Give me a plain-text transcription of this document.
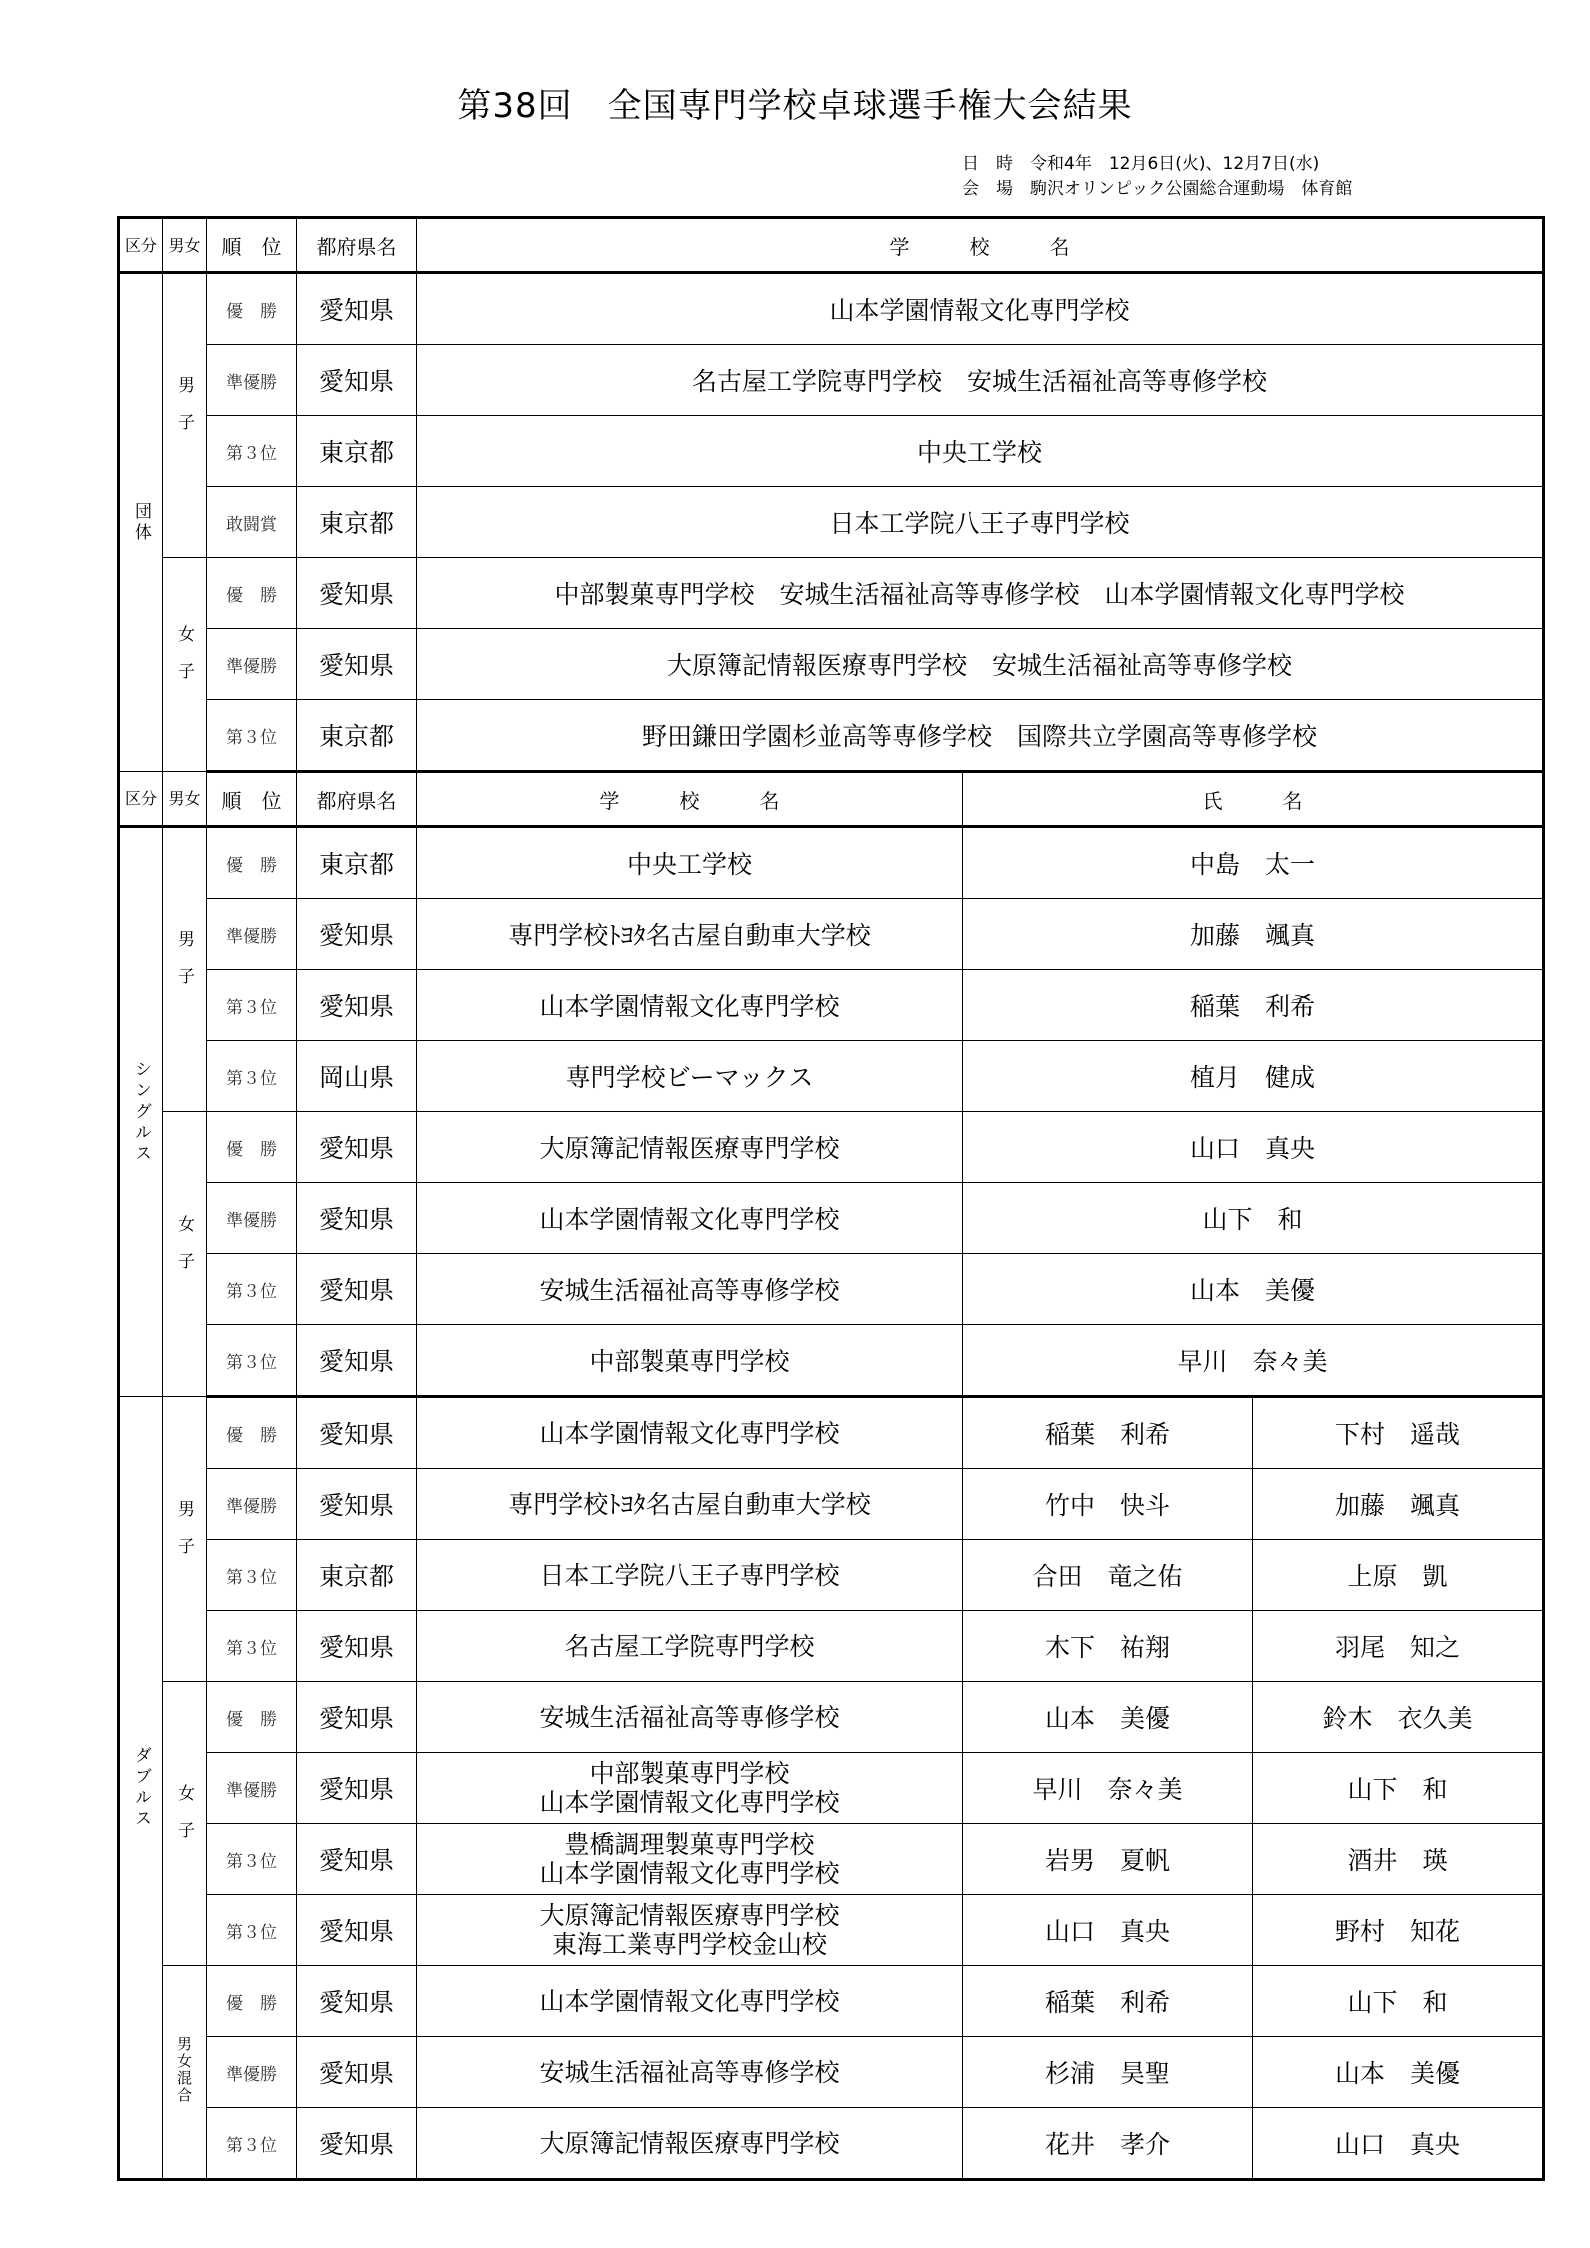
第38回　全国専門学校卓球選手権大会結果
日　時 令和4年　12月6日(火)、12月7日(水)
会　場 駒沢オリンピック公園総合運動場　体育館
区分	男女	順　位	都府県名	学　　　校　　　名		
団体	男子	優　勝	愛知県	山本学園情報文化専門学校		
		準優勝	愛知県	名古屋工学院専門学校　安城生活福祉高等専修学校		
		第３位	東京都	中央工学校		
		敢闘賞	東京都	日本工学院八王子専門学校		
	女子	優　勝	愛知県	中部製菓専門学校　安城生活福祉高等専修学校　山本学園情報文化専門学校		
		準優勝	愛知県	大原簿記情報医療専門学校　安城生活福祉高等専修学校		
		第３位	東京都	野田鎌田学園杉並高等専修学校　国際共立学園高等専修学校		
区分	男女	順　位	都府県名	学　　　校　　　名	氏　　　名	
シングルス	男子	優　勝	東京都	中央工学校	中島　太一	
		準優勝	愛知県	専門学校ﾄﾖﾀ名古屋自動車大学校	加藤　颯真	
		第３位	愛知県	山本学園情報文化専門学校	稲葉　利希	
		第３位	岡山県	専門学校ビーマックス	植月　健成	
	女子	優　勝	愛知県	大原簿記情報医療専門学校	山口　真央	
		準優勝	愛知県	山本学園情報文化専門学校	山下　和	
		第３位	愛知県	安城生活福祉高等専修学校	山本　美優	
		第３位	愛知県	中部製菓専門学校	早川　奈々美	
ダブルス	男子	優　勝	愛知県	山本学園情報文化専門学校	稲葉　利希	下村　遥哉
		準優勝	愛知県	専門学校ﾄﾖﾀ名古屋自動車大学校	竹中　快斗	加藤　颯真
		第３位	東京都	日本工学院八王子専門学校	合田　竜之佑	上原　凱
		第３位	愛知県	名古屋工学院専門学校	木下　祐翔	羽尾　知之
	女子	優　勝	愛知県	安城生活福祉高等専修学校	山本　美優	鈴木　衣久美
		準優勝	愛知県	中部製菓専門学校
山本学園情報文化専門学校	早川　奈々美	山下　和
		第３位	愛知県	豊橋調理製菓専門学校
山本学園情報文化専門学校	岩男　夏帆	酒井　瑛
		第３位	愛知県	大原簿記情報医療専門学校
東海工業専門学校金山校	山口　真央	野村　知花
	男女混合	優　勝	愛知県	山本学園情報文化専門学校	稲葉　利希	山下　和
		準優勝	愛知県	安城生活福祉高等専修学校	杉浦　昊聖	山本　美優
		第３位	愛知県	大原簿記情報医療専門学校	花井　孝介	山口　真央
